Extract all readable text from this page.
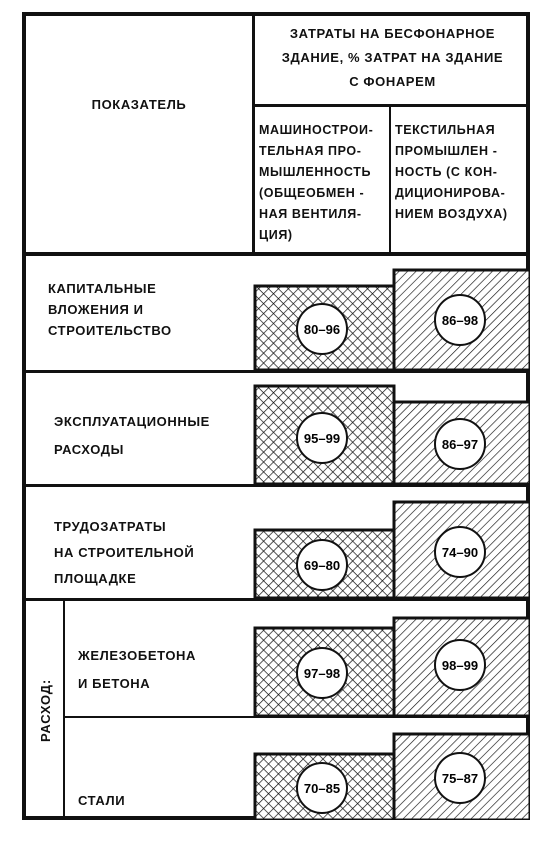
ПОКАЗАТЕЛЬ
ЗАТРАТЫ НА БЕСФОНАРНОЕ
ЗДАНИЕ, % ЗАТРАТ НА ЗДАНИЕ
С ФОНАРЕМ
МАШИНОСТРОИ-
ТЕЛЬНАЯ ПРО-
МЫШЛЕННОСТЬ
(ОБЩЕОБМЕН -
НАЯ ВЕНТИЛЯ-
ЦИЯ)
ТЕКСТИЛЬНАЯ
ПРОМЫШЛЕН -
НОСТЬ (С КОН-
ДИЦИОНИРОВА-
НИЕМ ВОЗДУХА)
РАСХОД:
КАПИТАЛЬНЫЕ
ВЛОЖЕНИЯ И
СТРОИТЕЛЬСТВО
ЭКСПЛУАТАЦИОННЫЕ
РАСХОДЫ
ТРУДОЗАТРАТЫ
НА СТРОИТЕЛЬНОЙ
ПЛОЩАДКЕ
ЖЕЛЕЗОБЕТОНА
И БЕТОНА
СТАЛИ
80–96
86–98
95–99	86–97
69–80
74–90
97–98
98–99
70–85
75–87
